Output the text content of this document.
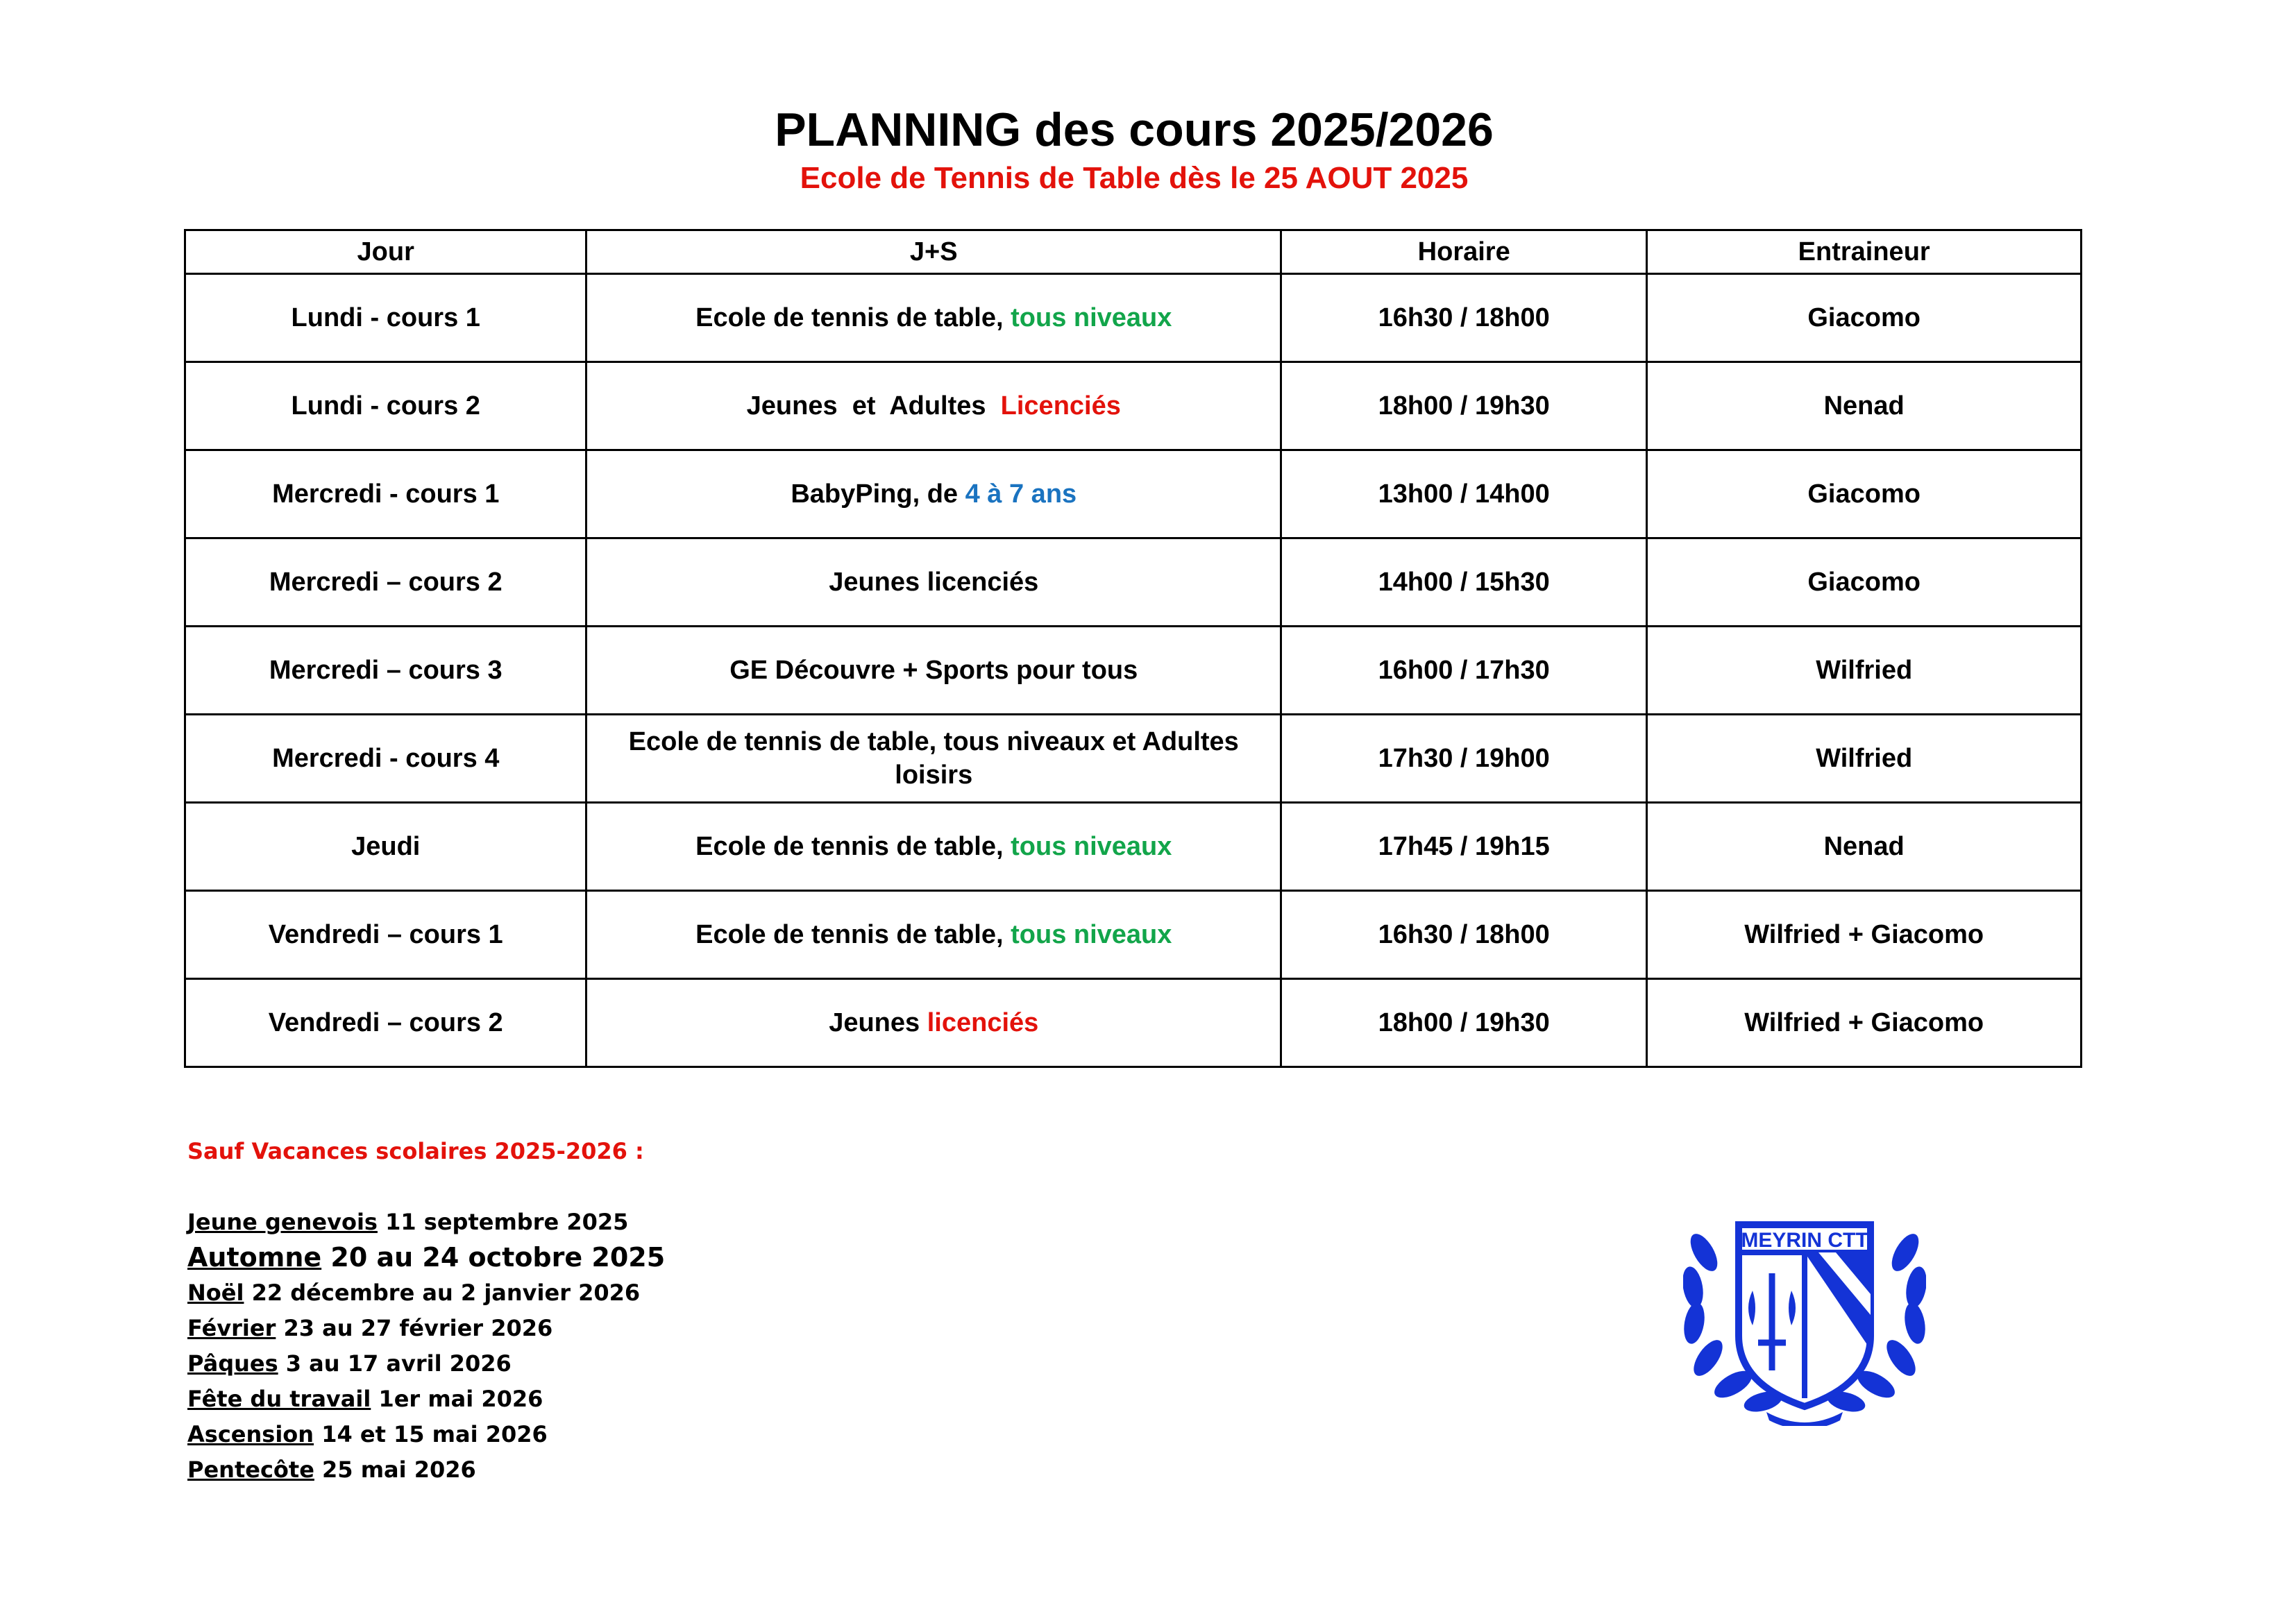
PLANNING des cours 2025/2026
Ecole de Tennis de Table dès le 25 AOUT 2025
Jour	J+S	Horaire	Entraineur
Lundi - cours 1	Ecole de tennis de table, tous niveaux	16h30 / 18h00	Giacomo
Lundi - cours 2	Jeunes  et  Adultes  Licenciés	18h00 / 19h30	Nenad
Mercredi - cours 1	BabyPing, de 4 à 7 ans	13h00 / 14h00	Giacomo
Mercredi – cours 2	Jeunes licenciés	14h00 / 15h30	Giacomo
Mercredi – cours 3	GE Découvre + Sports pour tous	16h00 / 17h30	Wilfried
Mercredi - cours 4	Ecole de tennis de table, tous niveaux et Adultes loisirs	17h30 / 19h00	Wilfried
Jeudi	Ecole de tennis de table, tous niveaux	17h45 / 19h15	Nenad
Vendredi – cours 1	Ecole de tennis de table, tous niveaux	16h30 / 18h00	Wilfried + Giacomo
Vendredi – cours 2	Jeunes licenciés	18h00 / 19h30	Wilfried + Giacomo

Sauf Vacances scolaires 2025-2026 :

Jeune genevois 11 septembre 2025

Automne 20 au 24 octobre 2025

Noël 22 décembre au 2 janvier 2026

Février 23 au 27 février 2026

Pâques 3 au 17 avril 2026

Fête du travail 1er mai 2026

Ascension 14 et 15 mai 2026

Pentecôte 25 mai 2026

MEYRIN CTT
